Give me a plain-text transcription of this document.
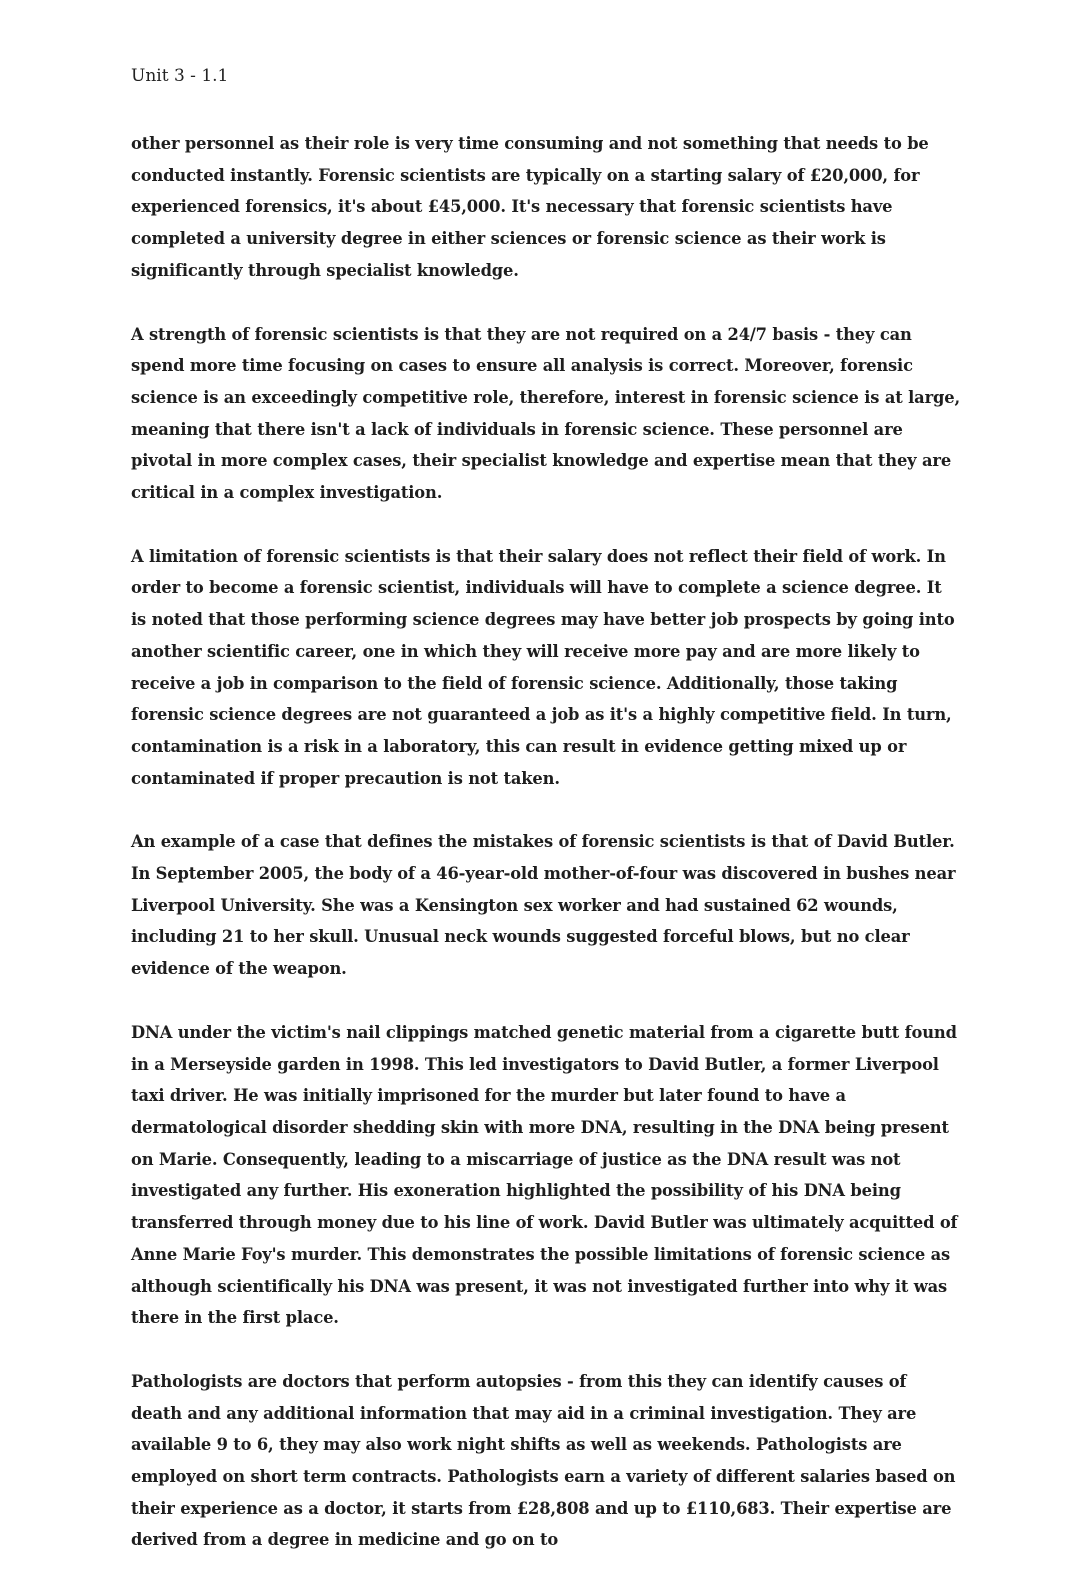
Unit 3 - 1.1

other personnel as their role is very time consuming and not something that needs to be conducted instantly. Forensic scientists are typically on a starting salary of £20,000, for experienced forensics, it's about £45,000. It's necessary that forensic scientists have completed a university degree in either sciences or forensic science as their work is significantly through specialist knowledge.

A strength of forensic scientists is that they are not required on a 24/7 basis - they can spend more time focusing on cases to ensure all analysis is correct. Moreover, forensic science is an exceedingly competitive role, therefore, interest in forensic science is at large, meaning that there isn't a lack of individuals in forensic science. These personnel are pivotal in more complex cases, their specialist knowledge and expertise mean that they are critical in a complex investigation.

A limitation of forensic scientists is that their salary does not reflect their field of work. In order to become a forensic scientist, individuals will have to complete a science degree. It is noted that those performing science degrees may have better job prospects by going into another scientific career, one in which they will receive more pay and are more likely to receive a job in comparison to the field of forensic science. Additionally, those taking forensic science degrees are not guaranteed a job as it's a highly competitive field. In turn, contamination is a risk in a laboratory, this can result in evidence getting mixed up or contaminated if proper precaution is not taken.

An example of a case that defines the mistakes of forensic scientists is that of David Butler. In September 2005, the body of a 46-year-old mother-of-four was discovered in bushes near Liverpool University. She was a Kensington sex worker and had sustained 62 wounds, including 21 to her skull. Unusual neck wounds suggested forceful blows, but no clear evidence of the weapon.

DNA under the victim's nail clippings matched genetic material from a cigarette butt found in a Merseyside garden in 1998. This led investigators to David Butler, a former Liverpool taxi driver. He was initially imprisoned for the murder but later found to have a dermatological disorder shedding skin with more DNA, resulting in the DNA being present on Marie. Consequently, leading to a miscarriage of justice as the DNA result was not investigated any further. His exoneration highlighted the possibility of his DNA being transferred through money due to his line of work. David Butler was ultimately acquitted of Anne Marie Foy's murder. This demonstrates the possible limitations of forensic science as although scientifically his DNA was present, it was not investigated further into why it was there in the first place.

Pathologists are doctors that perform autopsies - from this they can identify causes of death and any additional information that may aid in a criminal investigation. They are available 9 to 6, they may also work night shifts as well as weekends. Pathologists are employed on short term contracts. Pathologists earn a variety of different salaries based on their experience as a doctor, it starts from £28,808 and up to £110,683. Their expertise are derived from a degree in medicine and go on to
